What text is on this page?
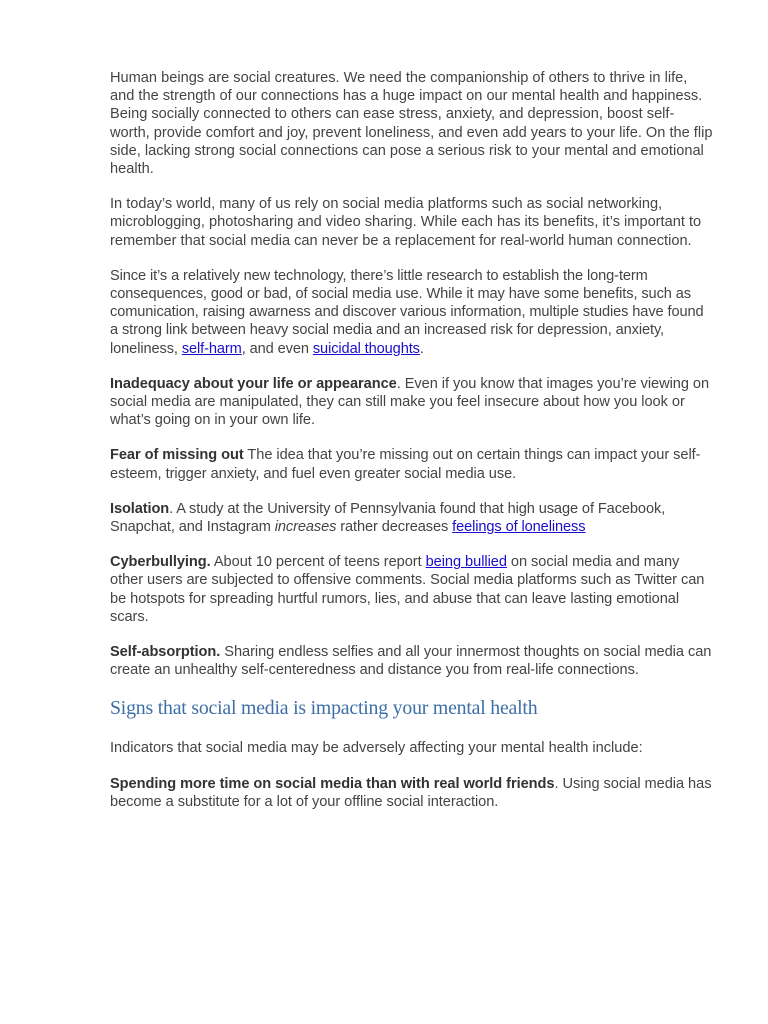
Human beings are social creatures. We need the companionship of others to thrive in life, and the strength of our connections has a huge impact on our mental health and happiness. Being socially connected to others can ease stress, anxiety, and depression, boost self-worth, provide comfort and joy, prevent loneliness, and even add years to your life. On the flip side, lacking strong social connections can pose a serious risk to your mental and emotional health.

In today’s world, many of us rely on social media platforms such as social networking, microblogging, photosharing and video sharing. While each has its benefits, it’s important to remember that social media can never be a replacement for real-world human connection.

Since it’s a relatively new technology, there’s little research to establish the long-term consequences, good or bad, of social media use. While it may have some benefits, such as comunication, raising awarness and discover various information, multiple studies have found a strong link between heavy social media and an increased risk for depression, anxiety, loneliness, self-harm, and even suicidal thoughts.

Inadequacy about your life or appearance. Even if you know that images you’re viewing on social media are manipulated, they can still make you feel insecure about how you look or what’s going on in your own life.

Fear of missing out The idea that you’re missing out on certain things can impact your self-esteem, trigger anxiety, and fuel even greater social media use.

Isolation. A study at the University of Pennsylvania found that high usage of Facebook, Snapchat, and Instagram increases rather decreases feelings of loneliness

Cyberbullying. About 10 percent of teens report being bullied on social media and many other users are subjected to offensive comments. Social media platforms such as Twitter can be hotspots for spreading hurtful rumors, lies, and abuse that can leave lasting emotional scars.

Self-absorption. Sharing endless selfies and all your innermost thoughts on social media can create an unhealthy self-centeredness and distance you from real-life connections.

Signs that social media is impacting your mental health

Indicators that social media may be adversely affecting your mental health include:

Spending more time on social media than with real world friends. Using social media has become a substitute for a lot of your offline social interaction.
